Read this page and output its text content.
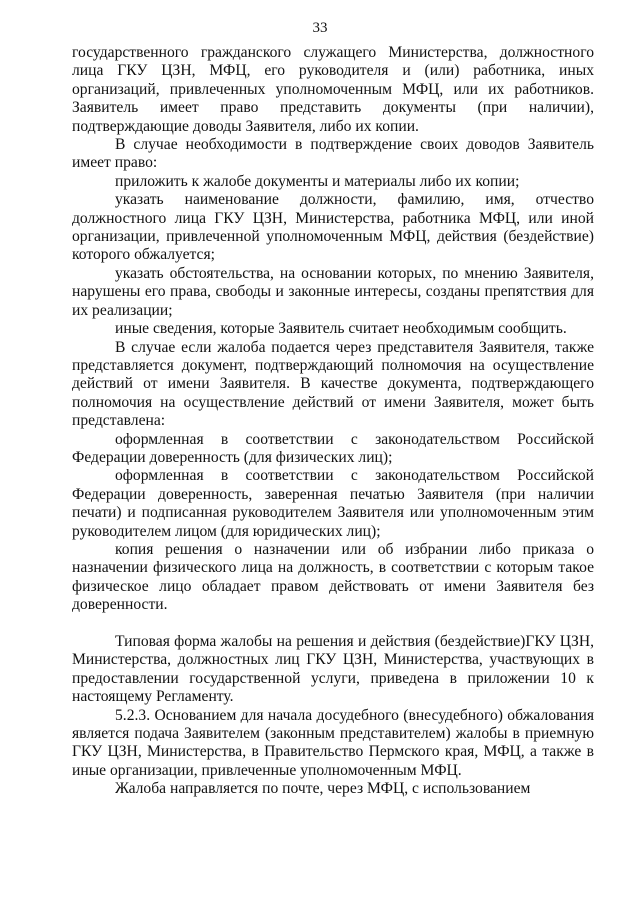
33

государственного гражданского служащего Министерства, должностного лица ГКУ ЦЗН, МФЦ, его руководителя и (или) работника, иных организаций, привлеченных уполномоченным МФЦ, или их работников. Заявитель имеет право представить документы (при наличии), подтверждающие доводы Заявителя, либо их копии.

В случае необходимости в подтверждение своих доводов Заявитель имеет право:

приложить к жалобе документы и материалы либо их копии;

указать наименование должности, фамилию, имя, отчество должностного лица ГКУ ЦЗН, Министерства, работника МФЦ, или иной организации, привлеченной уполномоченным МФЦ, действия (бездействие) которого обжалуется;

указать обстоятельства, на основании которых, по мнению Заявителя, нарушены его права, свободы и законные интересы, созданы препятствия для их реализации;

иные сведения, которые Заявитель считает необходимым сообщить.

В случае если жалоба подается через представителя Заявителя, также представляется документ, подтверждающий полномочия на осуществление действий от имени Заявителя. В качестве документа, подтверждающего полномочия на осуществление действий от имени Заявителя, может быть представлена:

оформленная в соответствии с законодательством Российской Федерации доверенность (для физических лиц);

оформленная в соответствии с законодательством Российской Федерации доверенность, заверенная печатью Заявителя (при наличии печати) и подписанная руководителем Заявителя или уполномоченным этим руководителем лицом (для юридических лиц);

копия решения о назначении или об избрании либо приказа о назначении физического лица на должность, в соответствии с которым такое физическое лицо обладает правом действовать от имени Заявителя без доверенности.

Типовая форма жалобы на решения и действия (бездействие)ГКУ ЦЗН, Министерства, должностных лиц ГКУ ЦЗН, Министерства, участвующих в предоставлении государственной услуги, приведена в приложении 10 к настоящему Регламенту.

5.2.3. Основанием для начала досудебного (внесудебного) обжалования является подача Заявителем (законным представителем) жалобы в приемную ГКУ ЦЗН, Министерства, в Правительство Пермского края, МФЦ, а также в иные организации, привлеченные уполномоченным МФЦ.

Жалоба направляется по почте, через МФЦ, с использованием
